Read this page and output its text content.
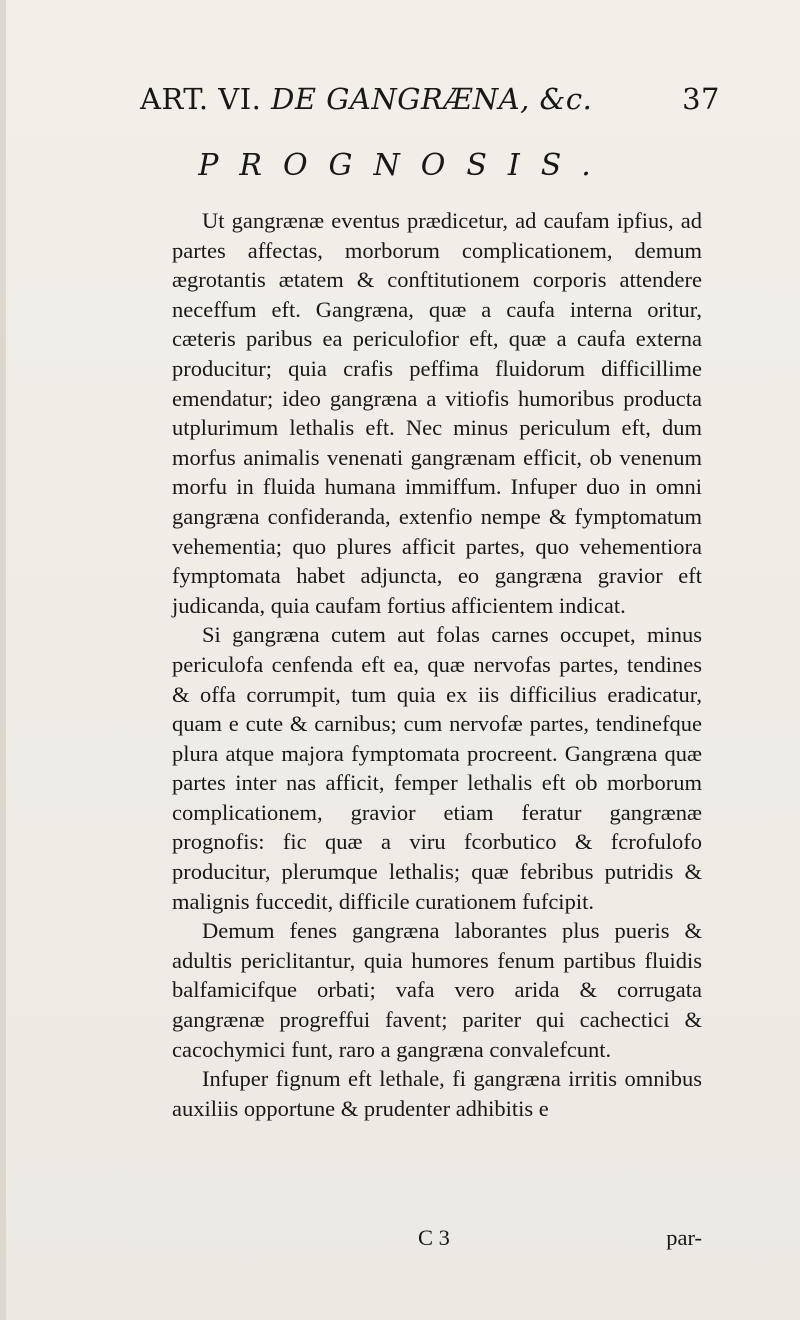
ART. VI. DE GANGRÆNA, &c.	37
PROGNOSIS.

Ut gangrænæ eventus prædicetur, ad caufam ipfius, ad partes affectas, morborum complicationem, demum ægrotantis ætatem & conftitutionem corporis attendere neceffum eft. Gangræna, quæ a caufa interna oritur, cæteris paribus ea periculofior eft, quæ a caufa externa producitur; quia crafis peffima fluidorum difficillime emendatur; ideo gangræna a vitiofis humoribus producta utplurimum lethalis eft. Nec minus periculum eft, dum morfus animalis venenati gangrænam efficit, ob venenum morfu in fluida humana immiffum. Infuper duo in omni gangræna confideranda, extenfio nempe & fymptomatum vehementia; quo plures afficit partes, quo vehementiora fymptomata habet adjuncta, eo gangræna gravior eft judicanda, quia caufam fortius afficientem indicat.

Si gangræna cutem aut folas carnes occupet, minus periculofa cenfenda eft ea, quæ nervofas partes, tendines & offa corrumpit, tum quia ex iis difficilius eradicatur, quam e cute & carnibus; cum nervofæ partes, tendinefque plura atque majora fymptomata procreent. Gangræna quæ partes inter nas afficit, femper lethalis eft ob morborum complicationem, gravior etiam feratur gangrænæ prognofis: fic quæ a viru fcorbutico & fcrofulofo producitur, plerumque lethalis; quæ febribus putridis & malignis fuccedit, difficile curationem fufcipit.

Demum fenes gangræna laborantes plus pueris & adultis periclitantur, quia humores fenum partibus fluidis balfamicifque orbati; vafa vero arida & corrugata gangrænæ progreffui favent; pariter qui cachectici & cacochymici funt, raro a gangræna convalefcunt.

Infuper fignum eft lethale, fi gangræna irritis omnibus auxiliis opportune & prudenter adhibitis e

C 3	par-
